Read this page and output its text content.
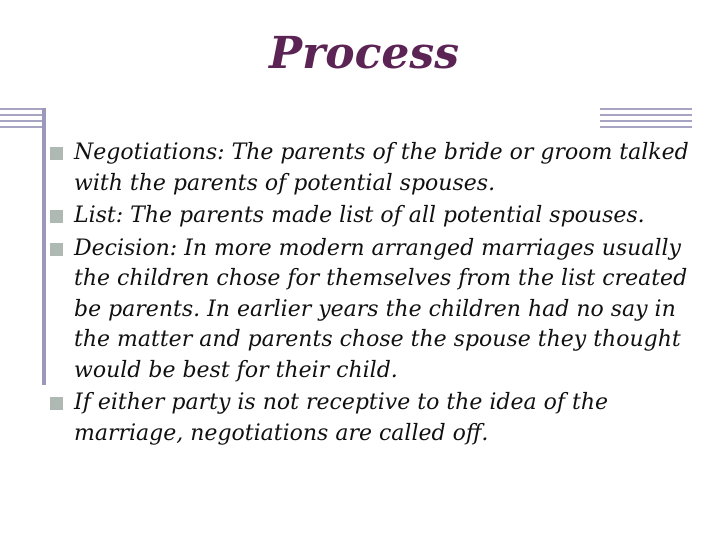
Process
Negotiations: The parents of the bride or groom talked with the parents of potential spouses.
List: The parents made list of all potential spouses.
Decision: In more modern arranged marriages usually the children chose for themselves from the list created be parents. In earlier years the children had no say in the matter and parents chose the spouse they thought would be best for their child.
If either party is not receptive to the idea of the marriage, negotiations are called off.
